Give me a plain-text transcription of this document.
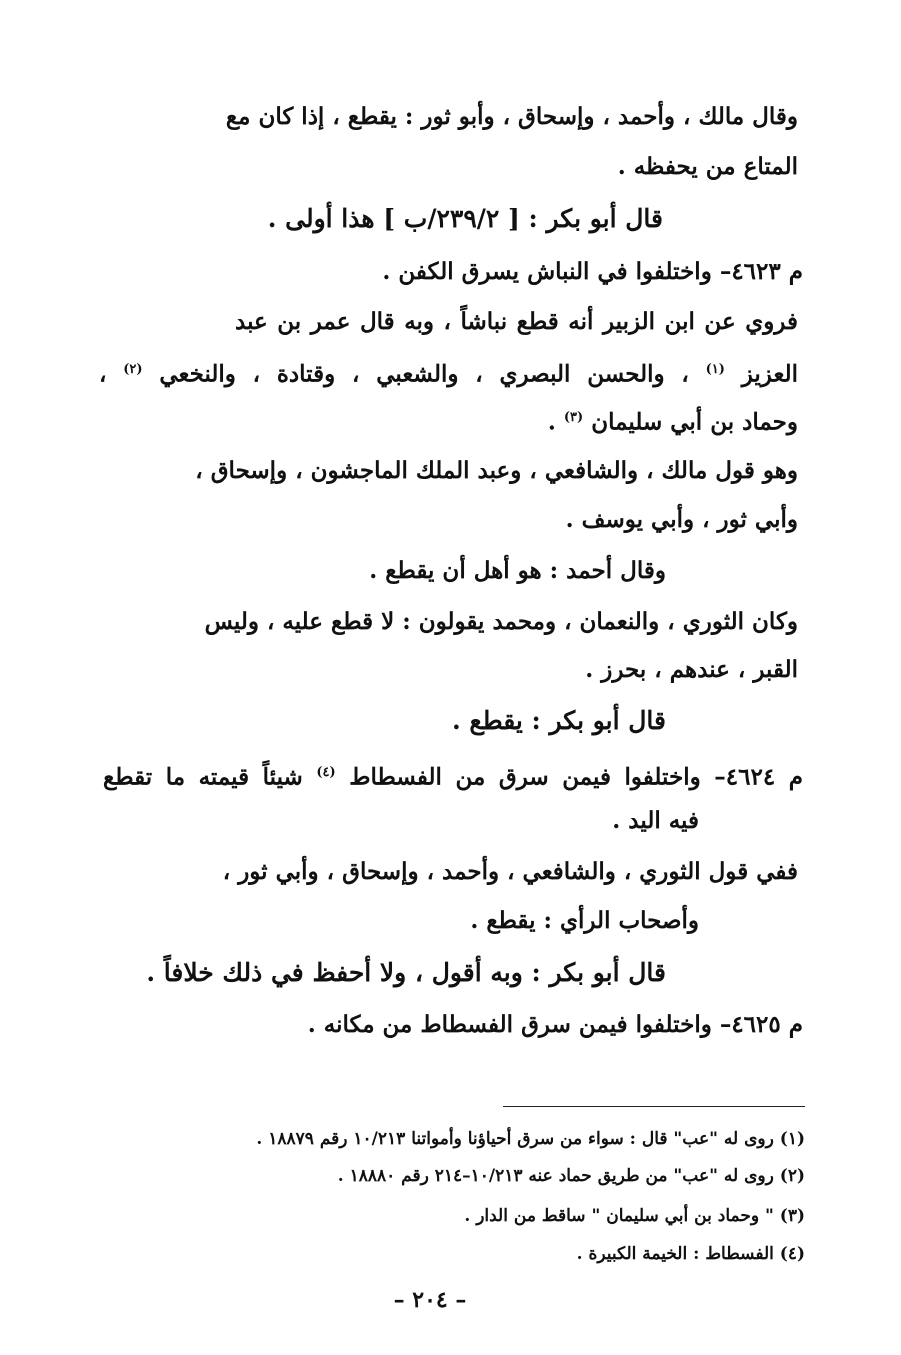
وقال مالك ، وأحمد ، وإسحاق ، وأبو ثور : يقطع ، إذا كان مع
المتاع من يحفظه .
قال أبو بكر : [ ٢٣٩/٢/ب ] هذا أولى .
م ٤٦٢٣– واختلفوا في النباش يسرق الكفن .
فروي عن ابن الزبير أنه قطع نباشاً ، وبه قال عمر بن عبد
العزيز $^{(١)}$ ، والحسن البصري ، والشعبي ، وقتادة ، والنخعي $^{(٢)}$ ،
وحماد بن أبي سليمان $^{(٣)}$ .
وهو قول مالك ، والشافعي ، وعبد الملك الماجشون ، وإسحاق ،
وأبي ثور ، وأبي يوسف .
وقال أحمد : هو أهل أن يقطع .
وكان الثوري ، والنعمان ، ومحمد يقولون : لا قطع عليه ، وليس
القبر ، عندهم ، بحرز .
قال أبو بكر : يقطع .
م ٤٦٢٤– واختلفوا فيمن سرق من الفسطاط $^{(٤)}$ شيئاً قيمته ما تقطع
فيه اليد .
ففي قول الثوري ، والشافعي ، وأحمد ، وإسحاق ، وأبي ثور ،
وأصحاب الرأي : يقطع .
قال أبو بكر : وبه أقول ، ولا أحفظ في ذلك خلافاً .
م ٤٦٢٥– واختلفوا فيمن سرق الفسطاط من مكانه .
(١) روى له "عب" قال : سواء من سرق أحياؤنا وأمواتنا ١٠/٢١٣ رقم ١٨٨٧٩ .
(٢) روى له "عب" من طريق حماد عنه ١٠/٢١٣–٢١٤ رقم ١٨٨٨٠ .
(٣) " وحماد بن أبي سليمان " ساقط من الدار .
(٤) الفسطاط : الخيمة الكبيرة .
– ٢٠٤ –
